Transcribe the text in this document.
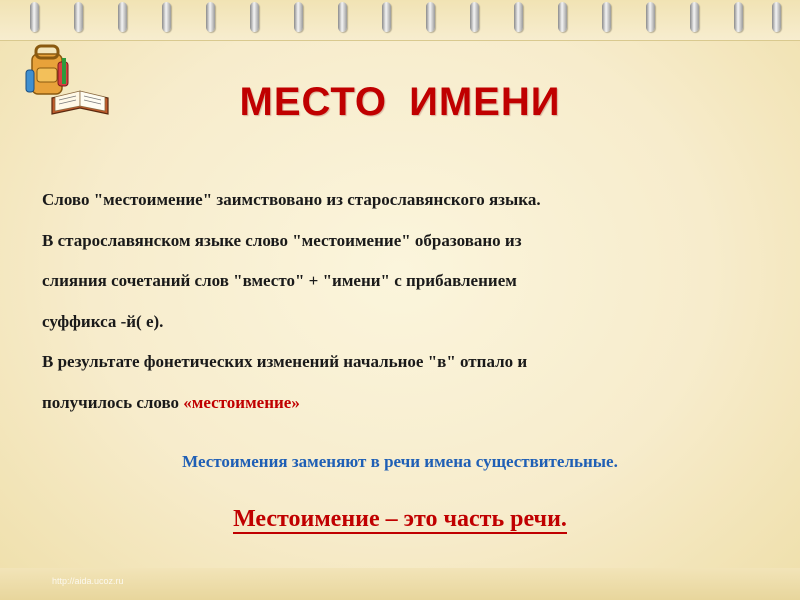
МЕСТО ИМЕНИ

Слово "местоимение" заимствовано из старославянского языка.

В старославянском языке слово "местоимение" образовано из

слияния сочетаний слов "вместо" + "имени" с прибавлением

суффикса -й( е).

В результате фонетических изменений начальное "в" отпало и

получилось слово «местоимение»

Местоимения заменяют в речи имена существительные.
Местоимение – это часть речи.
http://aida.ucoz.ru
